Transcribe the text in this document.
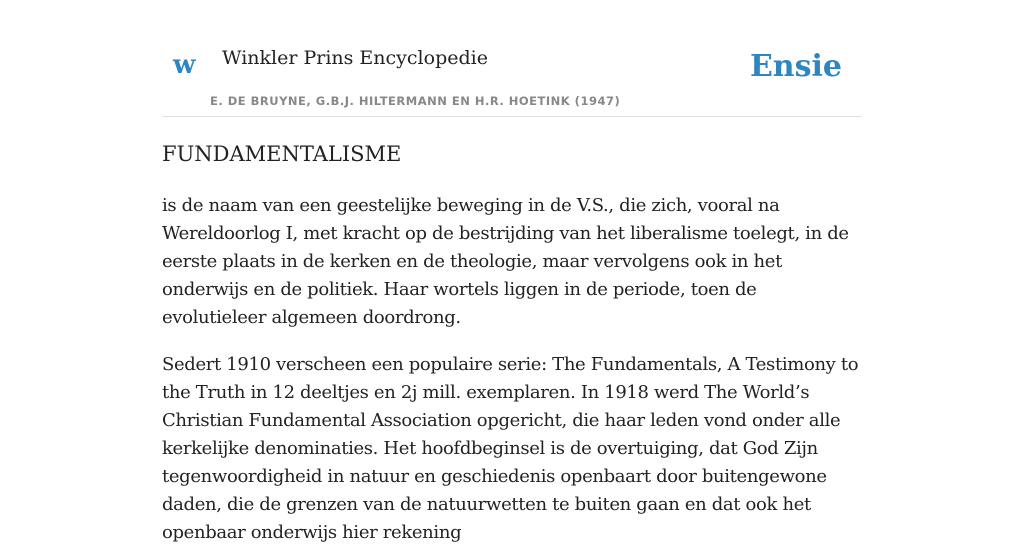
w Winkler Prins Encyclopedie
E. DE BRUYNE, G.B.J. HILTERMANN EN H.R. HOETINK (1947)
Ensie
FUNDAMENTALISME

is de naam van een geestelijke beweging in de V.S., die zich, vooral na Wereldoorlog I, met kracht op de bestrijding van het liberalisme toelegt, in de eerste plaats in de kerken en de theologie, maar vervolgens ook in het onderwijs en de politiek. Haar wortels liggen in de periode, toen de evolutieleer algemeen doordrong.

Sedert 1910 verscheen een populaire serie: The Fundamentals, A Testimony to the Truth in 12 deeltjes en 2j mill. exemplaren. In 1918 werd The World’s Christian Fundamental Association opgericht, die haar leden vond onder alle kerkelijke denominaties. Het hoofdbeginsel is de overtuiging, dat God Zijn tegenwoordigheid in natuur en geschiedenis openbaart door buitengewone daden, die de grenzen van de natuurwetten te buiten gaan en dat ook het openbaar onderwijs hier rekening
